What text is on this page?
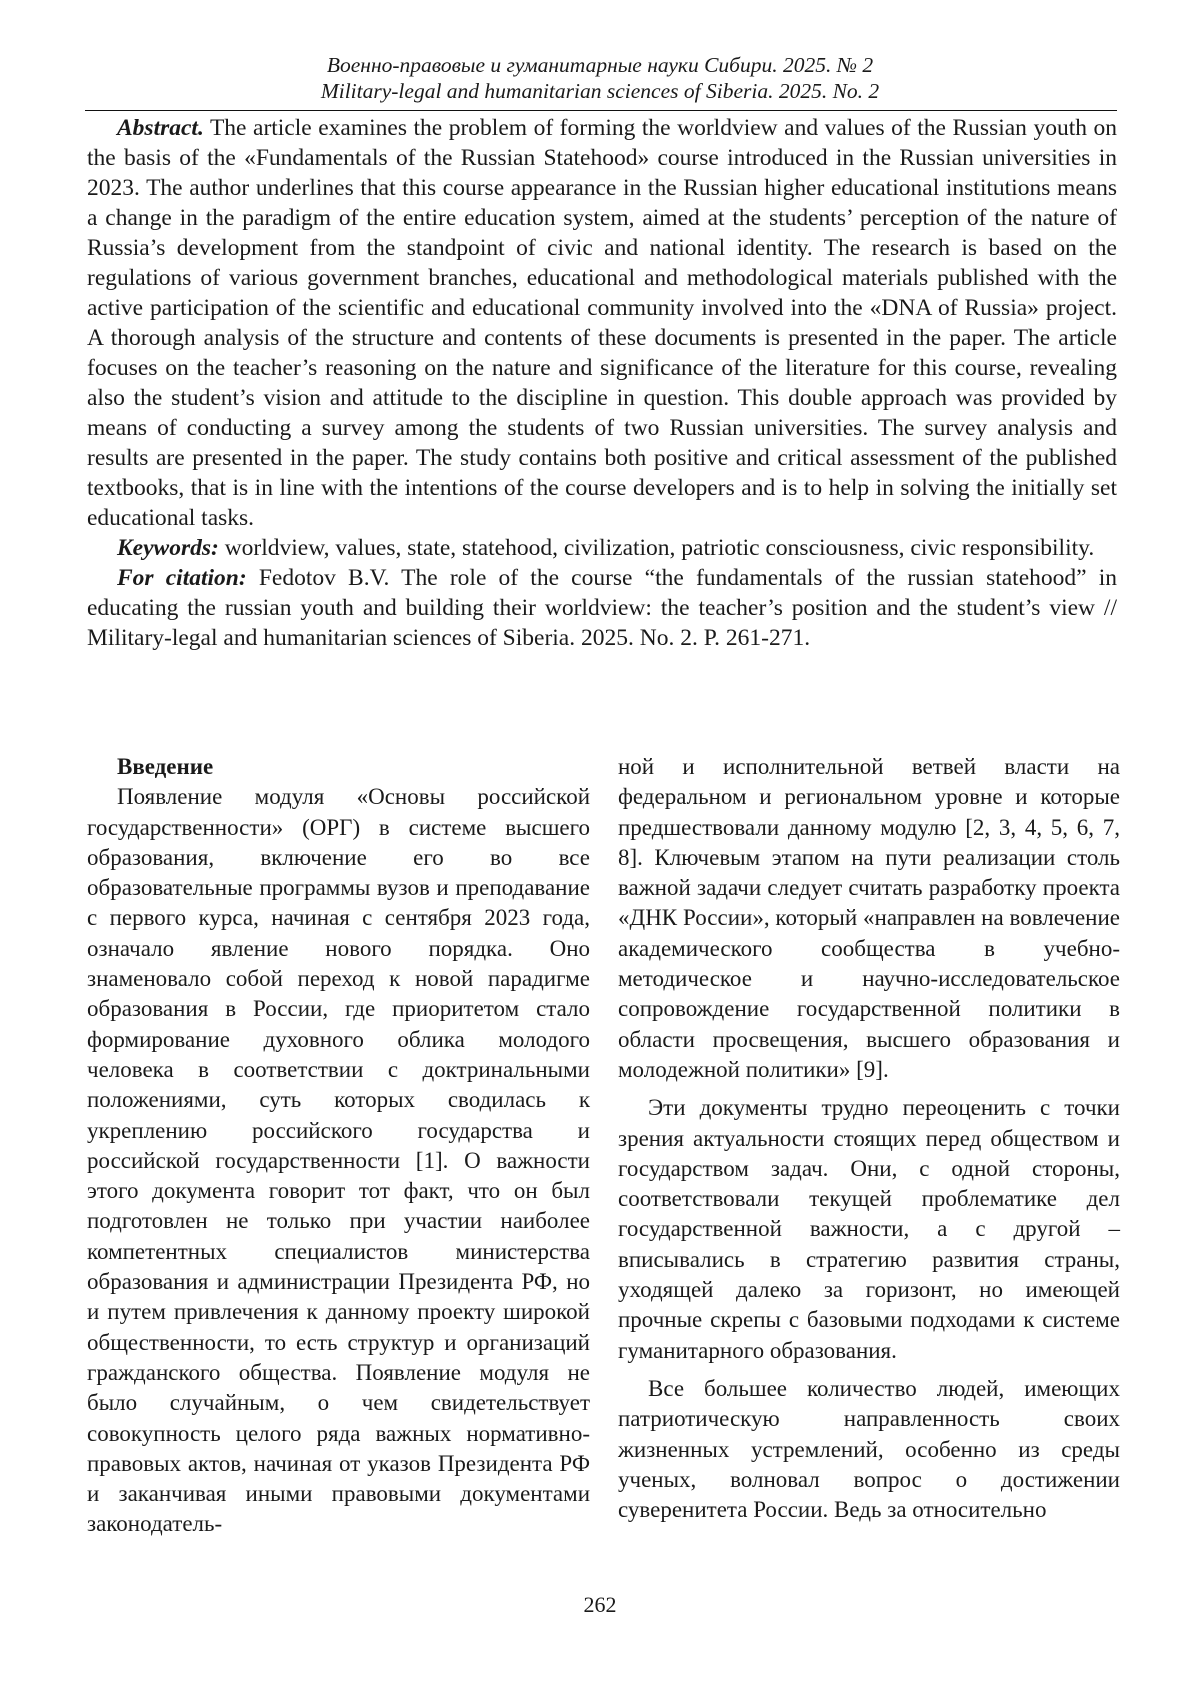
Военно-правовые и гуманитарные науки Сибири. 2025. № 2
Military-legal and humanitarian sciences of Siberia. 2025. No. 2

Abstract. The article examines the problem of forming the worldview and values of the Russian youth on the basis of the «Fundamentals of the Russian Statehood» course introduced in the Russian universities in 2023. The author underlines that this course appearance in the Russian higher educational institutions means a change in the paradigm of the entire education system, aimed at the students’ perception of the nature of Russia’s development from the standpoint of civic and national identity. The research is based on the regulations of various government branches, educational and methodological materials published with the active participation of the scientific and educational community involved into the «DNA of Russia» project. A thorough analysis of the structure and contents of these documents is presented in the paper. The article focuses on the teacher’s reasoning on the nature and significance of the literature for this course, revealing also the student’s vision and attitude to the discipline in question. This double approach was provided by means of conducting a survey among the students of two Russian universities. The survey analysis and results are presented in the paper. The study contains both positive and critical assessment of the published textbooks, that is in line with the intentions of the course developers and is to help in solving the initially set educational tasks.

Keywords: worldview, values, state, statehood, civilization, patriotic consciousness, civic responsibility.

For citation: Fedotov B.V. The role of the course “the fundamentals of the russian statehood” in educating the russian youth and building their worldview: the teacher’s position and the student’s view // Military-legal and humanitarian sciences of Siberia. 2025. No. 2. P. 261-271.

Введение

Появление модуля «Основы российской государственности» (ОРГ) в системе высшего образования, включение его во все образовательные программы вузов и преподавание с первого курса, начиная с сентября 2023 года, означало явление нового порядка. Оно знаменовало собой переход к новой парадигме образования в России, где приоритетом стало формирование духовного облика молодого человека в соответствии с доктринальными положениями, суть которых сводилась к укреплению российского государства и российской государственности [1]. О важности этого документа говорит тот факт, что он был подготовлен не только при участии наиболее компетентных специалистов министерства образования и администрации Президента РФ, но и путем привлечения к данному проекту широкой общественности, то есть структур и организаций гражданского общества. Появление модуля не было случайным, о чем свидетельствует совокупность целого ряда важных нормативно-правовых актов, начиная от указов Президента РФ и заканчивая иными правовыми документами законодатель-

ной и исполнительной ветвей власти на федеральном и региональном уровне и которые предшествовали данному модулю [2, 3, 4, 5, 6, 7, 8]. Ключевым этапом на пути реализации столь важной задачи следует считать разработку проекта «ДНК России», который «направлен на вовлечение академического сообщества в учебно-методическое и научно-исследовательское сопровождение государственной политики в области просвещения, высшего образования и молодежной политики» [9].

Эти документы трудно переоценить с точки зрения актуальности стоящих перед обществом и государством задач. Они, с одной стороны, соответствовали текущей проблематике дел государственной важности, а с другой – вписывались в стратегию развития страны, уходящей далеко за горизонт, но имеющей прочные скрепы с базовыми подходами к системе гуманитарного образования.

Все большее количество людей, имеющих патриотическую направленность своих жизненных устремлений, особенно из среды ученых, волновал вопрос о достижении суверенитета России. Ведь за относительно

262
